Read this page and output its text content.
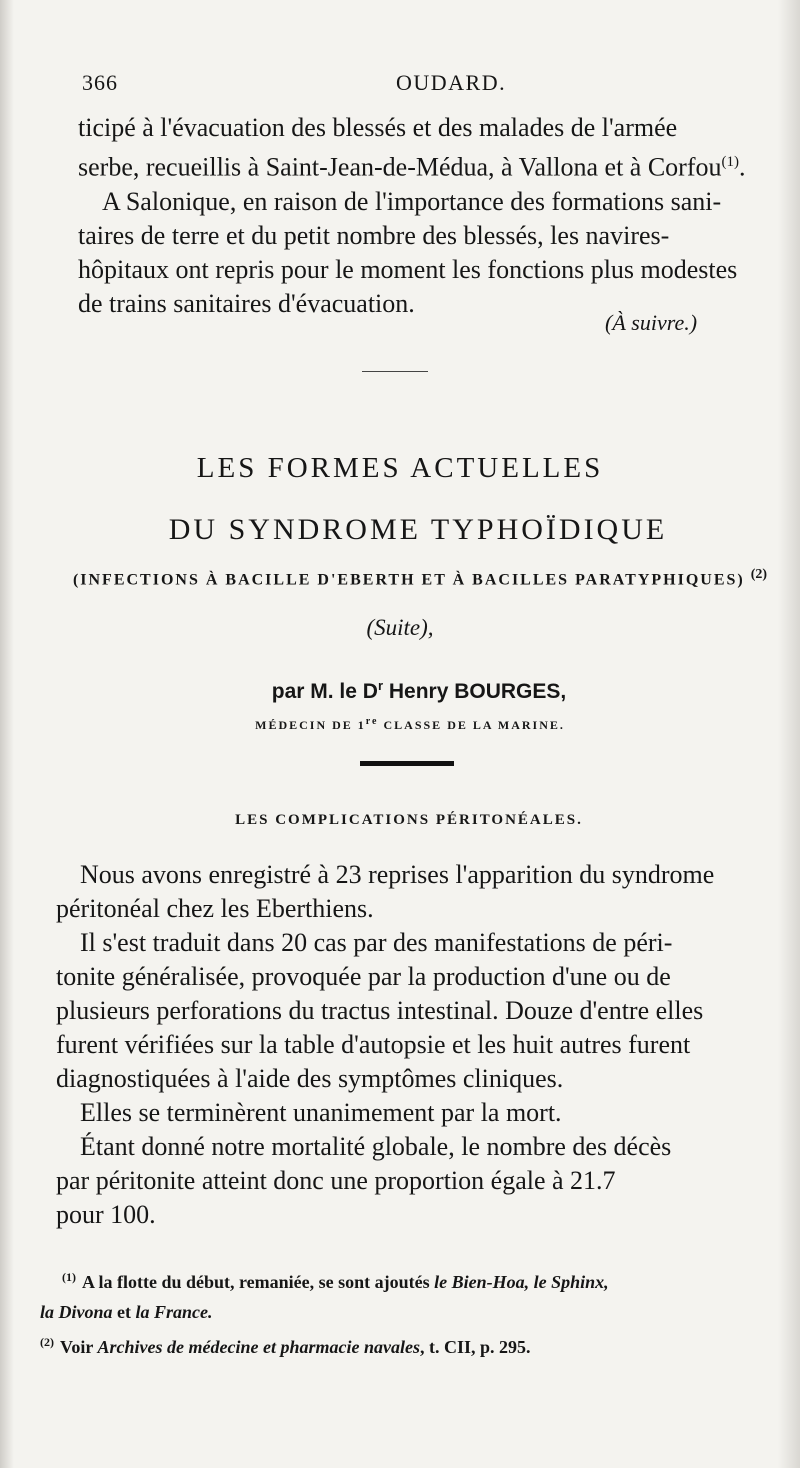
366	OUDARD.

ticipé à l'évacuation des blessés et des malades de l'armée

serbe, recueillis à Saint-Jean-de-Médua, à Vallona et à Corfou$^{(1)}$.

A Salonique, en raison de l'importance des formations sani-

taires de terre et du petit nombre des blessés, les navires-

hôpitaux ont repris pour le moment les fonctions plus modestes

de trains sanitaires d'évacuation.

(À suivre.)
LES FORMES ACTUELLES
DU SYNDROME TYPHOÏDIQUE
(INFECTIONS À BACILLE D'EBERTH ET À BACILLES PARATYPHIQUES) $^{(2)}$
(Suite),
par M. le $D^r$ Henry BOURGES,
MÉDECIN DE 1re CLASSE DE LA MARINE.
LES COMPLICATIONS PÉRITONÉALES.

Nous avons enregistré à 23 reprises l'apparition du syndrome

péritonéal chez les Eberthiens.

Il s'est traduit dans 20 cas par des manifestations de péri-

tonite généralisée, provoquée par la production d'une ou de

plusieurs perforations du tractus intestinal. Douze d'entre elles

furent vérifiées sur la table d'autopsie et les huit autres furent

diagnostiquées à l'aide des symptômes cliniques.

Elles se terminèrent unanimement par la mort.

Étant donné notre mortalité globale, le nombre des décès

par péritonite atteint donc une proportion égale à 21.7

pour 100.

$^{(1)}$ A la flotte du début, remaniée, se sont ajoutés le Bien-Hoa, le Sphinx,

la Divona et la France.

$^{(2)}$ Voir Archives de médecine et pharmacie navales, t. CII, p. 295.
